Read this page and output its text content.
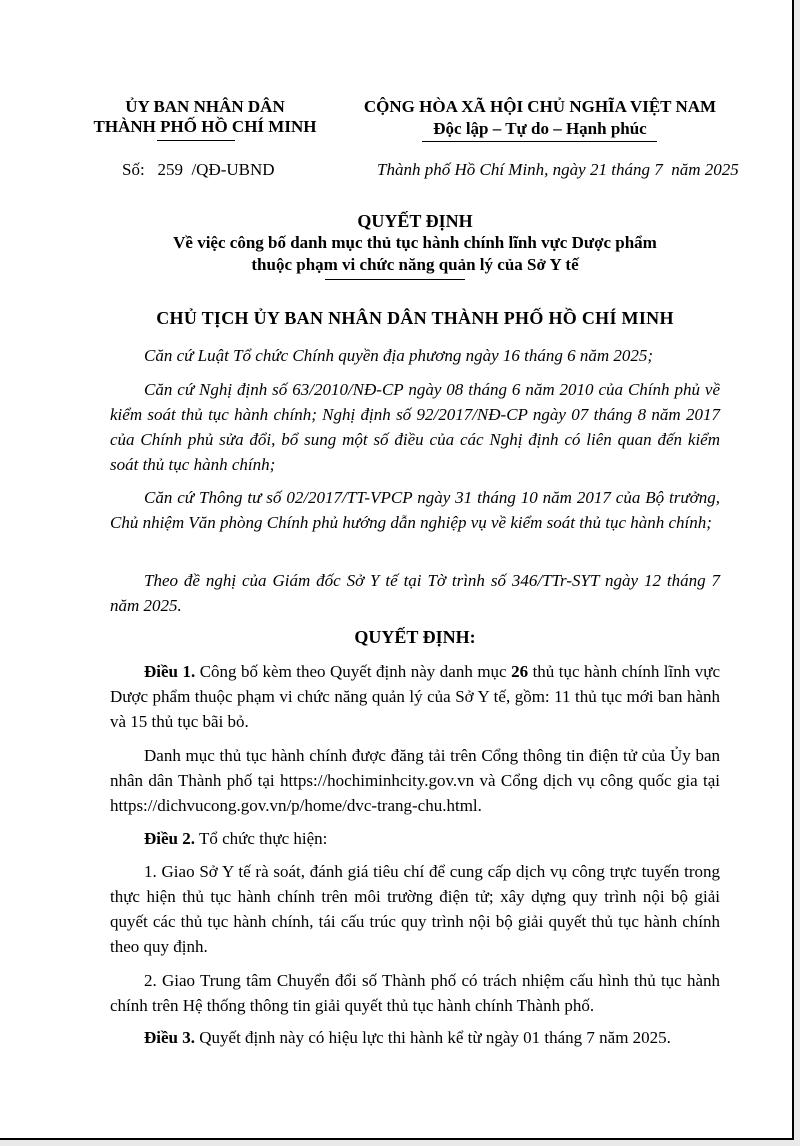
ỦY BAN NHÂN DÂN
THÀNH PHỐ HỒ CHÍ MINH
CỘNG HÒA XÃ HỘI CHỦ NGHĨA VIỆT NAM
Độc lập – Tự do – Hạnh phúc
Số: 259 /QĐ-UBND	Thành phố Hồ Chí Minh, ngày 21 tháng 7  năm 2025
QUYẾT ĐỊNH
Về việc công bố danh mục thủ tục hành chính lĩnh vực Dược phẩm
thuộc phạm vi chức năng quản lý của Sở Y tế
CHỦ TỊCH ỦY BAN NHÂN DÂN THÀNH PHỐ HỒ CHÍ MINH
Căn cứ Luật Tổ chức Chính quyền địa phương ngày 16 tháng 6 năm 2025;
Căn cứ Nghị định số 63/2010/NĐ-CP ngày 08 tháng 6 năm 2010 của Chính phủ về kiểm soát thủ tục hành chính; Nghị định số 92/2017/NĐ-CP ngày 07 tháng 8 năm 2017 của Chính phủ sửa đổi, bổ sung một số điều của các Nghị định có liên quan đến kiểm soát thủ tục hành chính;
Căn cứ Thông tư số 02/2017/TT-VPCP ngày 31 tháng 10 năm 2017 của Bộ trưởng, Chủ nhiệm Văn phòng Chính phủ hướng dẫn nghiệp vụ về kiểm soát thủ tục hành chính;
Theo đề nghị của Giám đốc Sở Y tế tại Tờ trình số 346/TTr-SYT ngày 12 tháng 7 năm 2025.
QUYẾT ĐỊNH:
Điều 1. Công bố kèm theo Quyết định này danh mục 26 thủ tục hành chính lĩnh vực Dược phẩm thuộc phạm vi chức năng quản lý của Sở Y tế, gồm: 11 thủ tục mới ban hành và 15 thủ tục bãi bỏ.
Danh mục thủ tục hành chính được đăng tải trên Cổng thông tin điện tử của Ủy ban nhân dân Thành phố tại https://hochiminhcity.gov.vn và Cổng dịch vụ công quốc gia tại https://dichvucong.gov.vn/p/home/dvc-trang-chu.html.
Điều 2. Tổ chức thực hiện:
1. Giao Sở Y tế rà soát, đánh giá tiêu chí để cung cấp dịch vụ công trực tuyến trong thực hiện thủ tục hành chính trên môi trường điện tử; xây dựng quy trình nội bộ giải quyết các thủ tục hành chính, tái cấu trúc quy trình nội bộ giải quyết thủ tục hành chính theo quy định.
2. Giao Trung tâm Chuyển đổi số Thành phố có trách nhiệm cấu hình thủ tục hành chính trên Hệ thống thông tin giải quyết thủ tục hành chính Thành phố.
Điều 3. Quyết định này có hiệu lực thi hành kể từ ngày 01 tháng 7 năm 2025.
